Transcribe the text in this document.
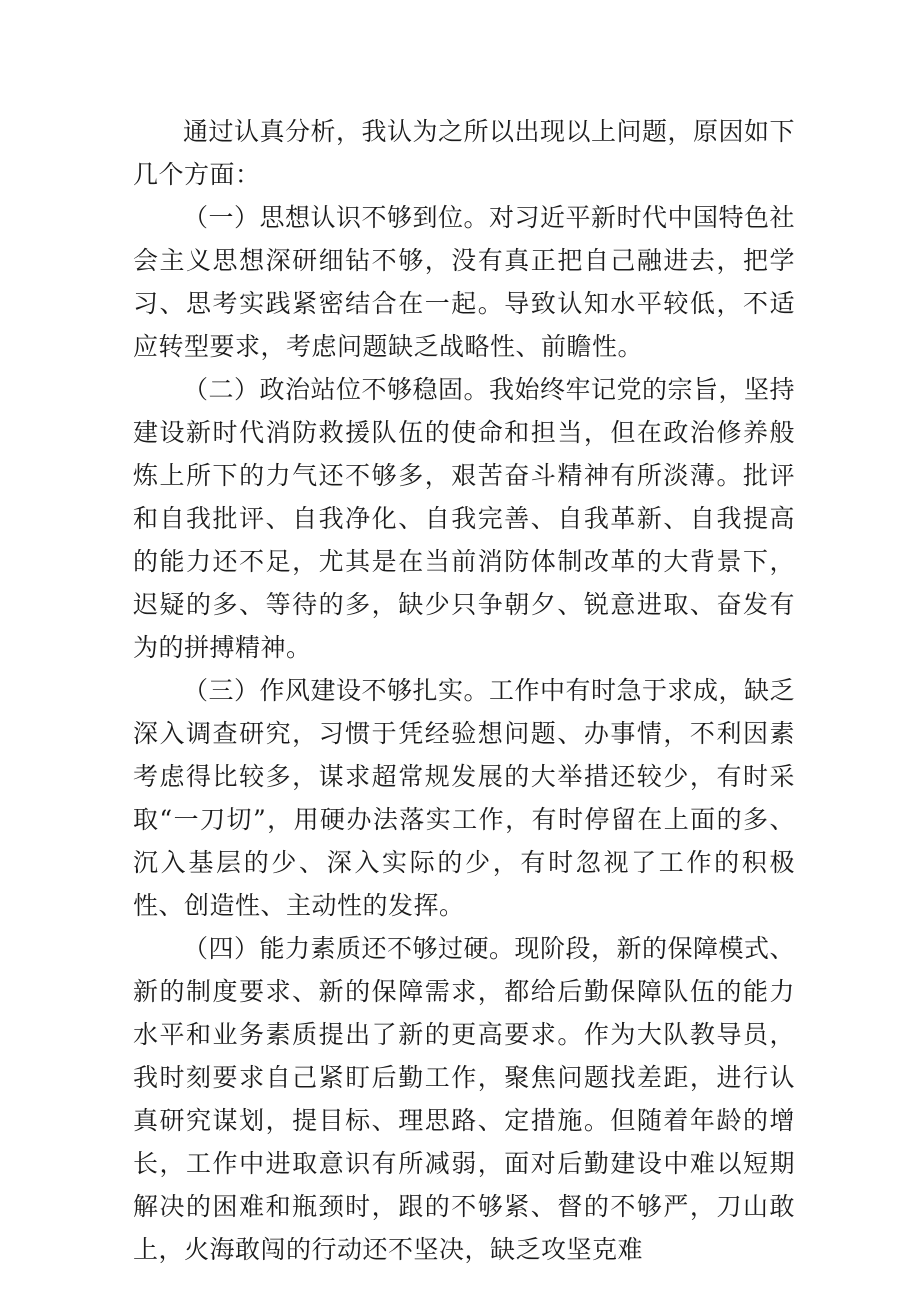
通过认真分析，我认为之所以出现以上问题，原因如下几个方面：

（一）思想认识不够到位。对习近平新时代中国特色社会主义思想深研细钻不够，没有真正把自己融进去，把学习、思考实践紧密结合在一起。导致认知水平较低，不适应转型要求，考虑问题缺乏战略性、前瞻性。

（二）政治站位不够稳固。我始终牢记党的宗旨，坚持建设新时代消防救援队伍的使命和担当，但在政治修养般炼上所下的力气还不够多，艰苦奋斗精神有所淡薄。批评和自我批评、自我净化、自我完善、自我革新、自我提高的能力还不足，尤其是在当前消防体制改革的大背景下，迟疑的多、等待的多，缺少只争朝夕、锐意进取、奋发有为的拼搏精神。

（三）作风建设不够扎实。工作中有时急于求成，缺乏深入调查研究，习惯于凭经验想问题、办事情，不利因素考虑得比较多，谋求超常规发展的大举措还较少，有时采取“一刀切”，用硬办法落实工作，有时停留在上面的多、沉入基层的少、深入实际的少，有时忽视了工作的积极性、创造性、主动性的发挥。

（四）能力素质还不够过硬。现阶段，新的保障模式、新的制度要求、新的保障需求，都给后勤保障队伍的能力水平和业务素质提出了新的更高要求。作为大队教导员，我时刻要求自己紧盯后勤工作，聚焦问题找差距，进行认真研究谋划，提目标、理思路、定措施。但随着年龄的增长，工作中进取意识有所减弱，面对后勤建设中难以短期解决的困难和瓶颈时，跟的不够紧、督的不够严，刀山敢上，火海敢闯的行动还不坚决，缺乏攻坚克难
